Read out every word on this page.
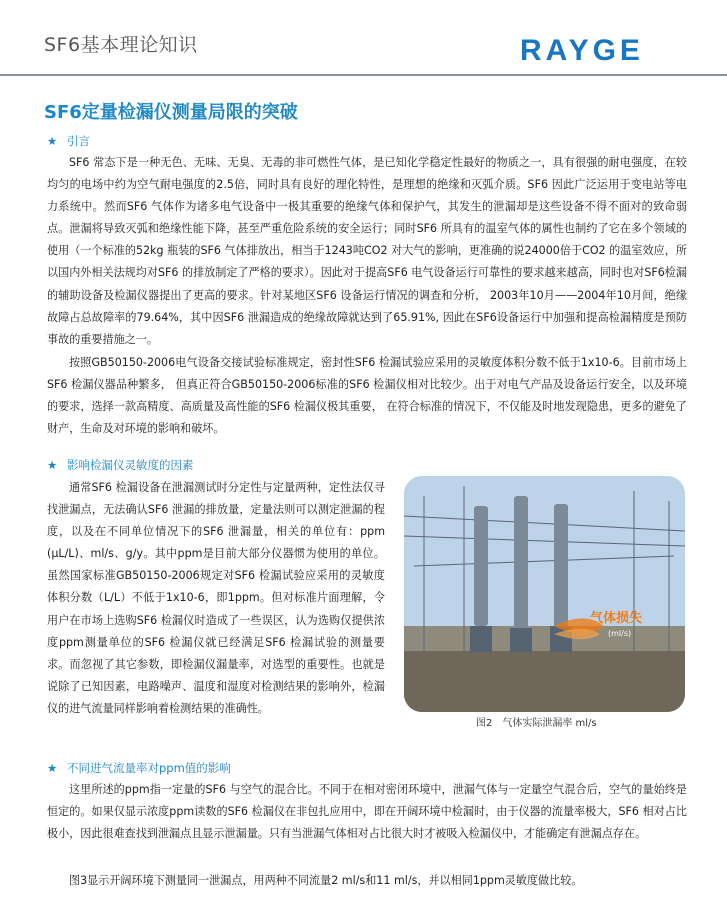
SF6基本理论知识	RAYGE
SF6定量检漏仪测量局限的突破
★ 引言

SF6 常态下是一种无色、无味、无臭、无毒的非可燃性气体，是已知化学稳定性最好的物质之一，具有很强的耐电强度，在较均匀的电场中约为空气耐电强度的2.5倍，同时具有良好的理化特性，是理想的绝缘和灭弧介质。SF6 因此广泛运用于变电站等电力系统中。然而SF6 气体作为诸多电气设备中一极其重要的绝缘气体和保护气，其发生的泄漏却是这些设备不得不面对的致命弱点。泄漏将导致灭弧和绝缘性能下降，甚至严重危险系统的安全运行；同时SF6 所具有的温室气体的属性也制约了它在多个领域的使用（一个标准的52kg 瓶装的SF6 气体排放出，相当于1243吨CO2 对大气的影响，更准确的说24000倍于CO2 的温室效应，所以国内外相关法规均对SF6 的排放制定了严格的要求）。因此对于提高SF6 电气设备运行可靠性的要求越来越高，同时也对SF6检漏的辅助设备及检漏仪器提出了更高的要求。针对某地区SF6 设备运行情况的调查和分析， 2003年10月——2004年10月间，绝缘故障占总故障率的79.64%，其中因SF6 泄漏造成的绝缘故障就达到了65.91%, 因此在SF6设备运行中加强和提高检漏精度是预防事故的重要措施之一。

按照GB50150-2006电气设备交接试验标准规定，密封性SF6 检漏试验应采用的灵敏度体积分数不低于1x10-6。目前市场上SF6 检漏仪器品种繁多， 但真正符合GB50150-2006标准的SF6 检漏仪相对比较少。出于对电气产品及设备运行安全，以及环境的要求，选择一款高精度、高质量及高性能的SF6 检漏仪极其重要， 在符合标准的情况下，不仅能及时地发现隐患，更多的避免了财产，生命及对环境的影响和破坏。

★ 影响检漏仪灵敏度的因素

通常SF6 检漏设备在泄漏测试时分定性与定量两种，定性法仅寻找泄漏点，无法确认SF6 泄漏的排放量，定量法则可以测定泄漏的程度，以及在不同单位情况下的SF6 泄漏量，相关的单位有：ppm (µL/L)、ml/s、g/y。其中ppm是目前大部分仪器惯为使用的单位。虽然国家标准GB50150-2006规定对SF6 检漏试验应采用的灵敏度体积分数（L/L）不低于1x10-6，即1ppm。但对标准片面理解，令用户在市场上选购SF6 检漏仪时造成了一些误区，认为选购仅提供浓度ppm测量单位的SF6 检漏仪就已经满足SF6 检漏试验的测量要求。而忽视了其它参数，即检漏仪漏量率，对选型的重要性。也就是说除了已知因素，电路噪声、温度和湿度对检测结果的影响外，检漏仪的进气流量同样影响着检测结果的准确性。

气体损失
(ml/s)
图2　气体实际泄漏率 ml/s
★ 不同进气流量率对ppm值的影响

这里所述的ppm指一定量的SF6 与空气的混合比。不同于在相对密闭环境中，泄漏气体与一定量空气混合后，空气的量始终是恒定的。如果仅显示浓度ppm读数的SF6 检漏仪在非包扎应用中，即在开阔环境中检漏时，由于仪器的流量率极大，SF6 相对占比极小，因此很难查找到泄漏点且显示泄漏量。只有当泄漏气体相对占比很大时才被吸入检漏仪中，才能确定有泄漏点存在。

图3显示开阔环境下测量同一泄漏点，用两种不同流量2 ml/s和11 ml/s，并以相同1ppm灵敏度做比较。
